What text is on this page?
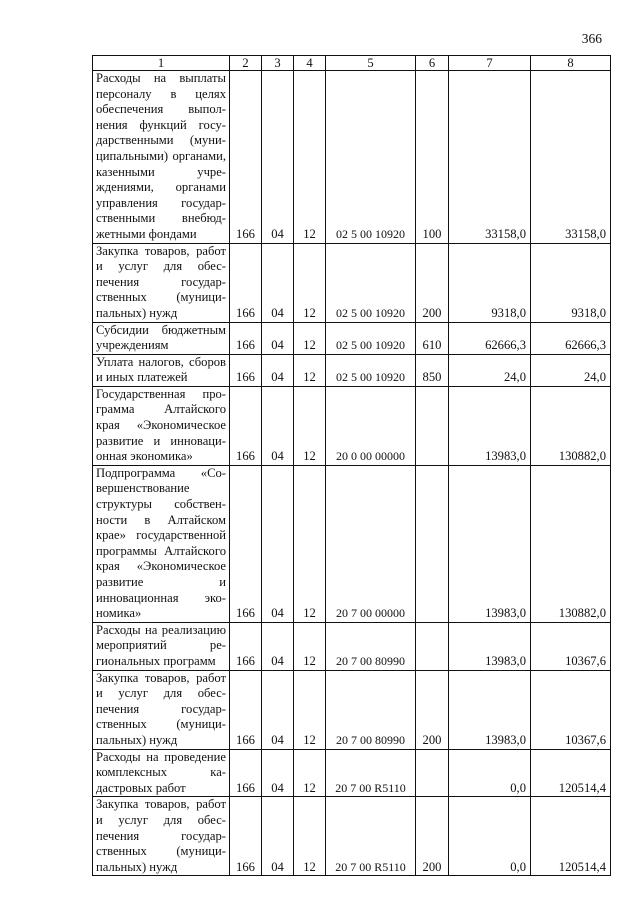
366
1	2	3	4	5	6	7	8
Расходы на выплаты персоналу в целях обеспечения выполнения функций государственными (муниципальными) органами, казенными учреждениями, органами управления государственными внебюджетными фондами	166	04	12	02 5 00 10920	100	33158,0	33158,0
Закупка товаров, работ и услуг для обеспечения государственных (муниципальных) нужд	166	04	12	02 5 00 10920	200	9318,0	9318,0
Субсидии бюджетным учреждениям	166	04	12	02 5 00 10920	610	62666,3	62666,3
Уплата налогов, сборов и иных платежей	166	04	12	02 5 00 10920	850	24,0	24,0
Государственная программа Алтайского края «Экономическое развитие и инновационная экономика»	166	04	12	20 0 00 00000		13983,0	130882,0
Подпрограмма «Совершенствование структуры собственности в Алтайском крае» государственной программы Алтайского края «Экономическое развитие и инновационная экономика»	166	04	12	20 7 00 00000		13983,0	130882,0
Расходы на реализацию мероприятий региональных программ	166	04	12	20 7 00 80990		13983,0	10367,6
Закупка товаров, работ и услуг для обеспечения государственных (муниципальных) нужд	166	04	12	20 7 00 80990	200	13983,0	10367,6
Расходы на проведение комплексных кадастровых работ	166	04	12	20 7 00 R5110		0,0	120514,4
Закупка товаров, работ и услуг для обеспечения государственных (муниципальных) нужд	166	04	12	20 7 00 R5110	200	0,0	120514,4
